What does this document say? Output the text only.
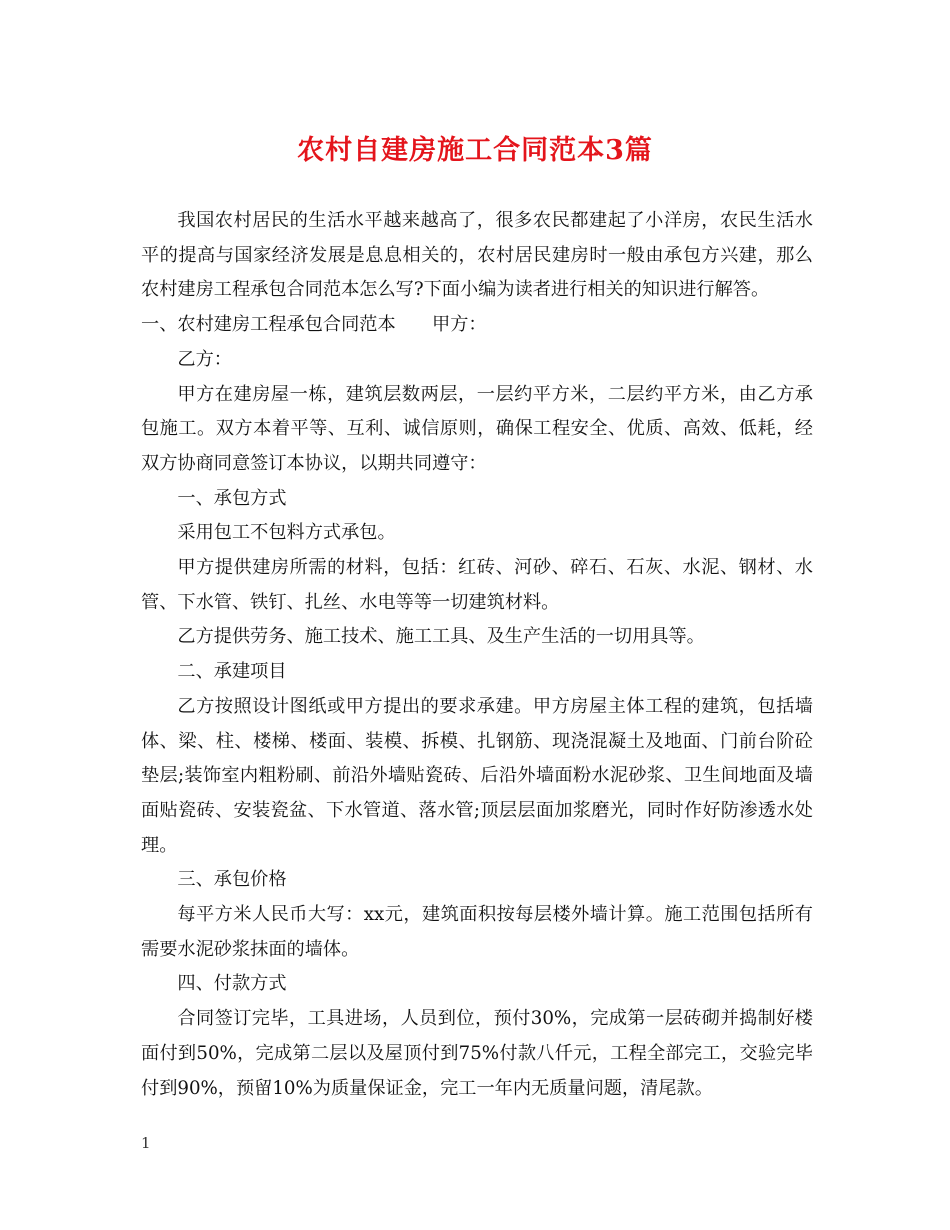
农村自建房施工合同范本3篇

我国农村居民的生活水平越来越高了，很多农民都建起了小洋房，农民生活水平的提高与国家经济发展是息息相关的，农村居民建房时一般由承包方兴建，那么农村建房工程承包合同范本怎么写?下面小编为读者进行相关的知识进行解答。

一、农村建房工程承包合同范本　　甲方：

乙方：

甲方在建房屋一栋，建筑层数两层，一层约平方米，二层约平方米，由乙方承包施工。双方本着平等、互利、诚信原则，确保工程安全、优质、高效、低耗，经双方协商同意签订本协议，以期共同遵守：

一、承包方式

采用包工不包料方式承包。

甲方提供建房所需的材料，包括：红砖、河砂、碎石、石灰、水泥、钢材、水管、下水管、铁钉、扎丝、水电等等一切建筑材料。

乙方提供劳务、施工技术、施工工具、及生产生活的一切用具等。

二、承建项目

乙方按照设计图纸或甲方提出的要求承建。甲方房屋主体工程的建筑，包括墙体、梁、柱、楼梯、楼面、装模、拆模、扎钢筋、现浇混凝土及地面、门前台阶砼垫层;装饰室内粗粉刷、前沿外墙贴瓷砖、后沿外墙面粉水泥砂浆、卫生间地面及墙面贴瓷砖、安装瓷盆、下水管道、落水管;顶层层面加浆磨光，同时作好防渗透水处理。

三、承包价格

每平方米人民币大写：xx元，建筑面积按每层楼外墙计算。施工范围包括所有需要水泥砂浆抹面的墙体。

四、付款方式

合同签订完毕，工具进场，人员到位，预付30%，完成第一层砖砌并捣制好楼面付到50%，完成第二层以及屋顶付到75%付款八仟元，工程全部完工，交验完毕付到90%，预留10%为质量保证金，完工一年内无质量问题，清尾款。

1
